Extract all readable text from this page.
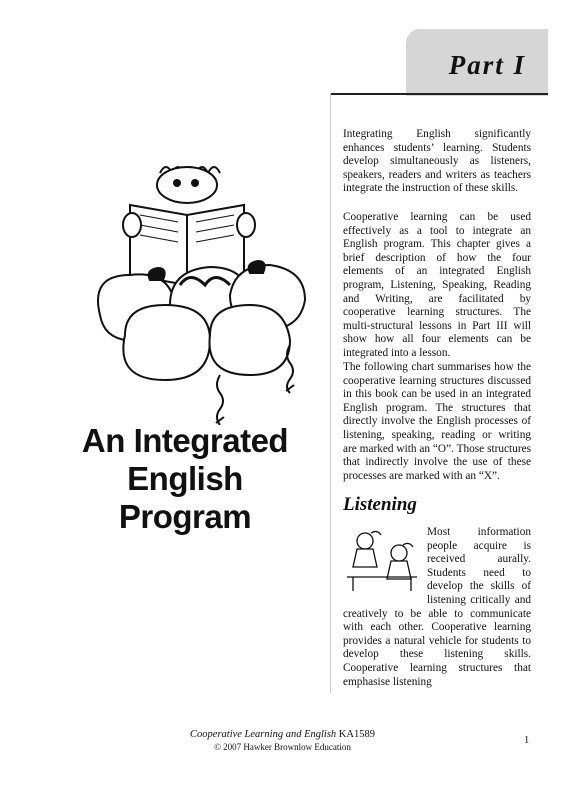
Part I
An Integrated
English
Program

Integrating English significantly enhances students’ learning. Students develop simultaneously as listeners, speakers, readers and writers as teachers integrate the instruction of these skills.

Cooperative learning can be used effectively as a tool to integrate an English program. This chapter gives a brief description of how the four elements of an integrated English program, Listening, Speaking, Reading and Writing, are facilitated by cooperative learning structures. The multi-structural lessons in Part III will show how all four elements can be integrated into a lesson.

The following chart summarises how the cooperative learning structures discussed in this book can be used in an integrated English program. The structures that directly involve the English processes of listening, speaking, reading or writing are marked with an “O”. Those structures that indirectly involve the use of these processes are marked with an “X”.

Listening
Most information people acquire is received aurally. Students need to develop the skills of listening critically and creatively to be able to communicate with each other. Cooperative learning provides a natural vehicle for students to develop these listening skills. Cooperative learning structures that emphasise listening
Cooperative Learning and English KA1589
© 2007 Hawker Brownlow Education
1
